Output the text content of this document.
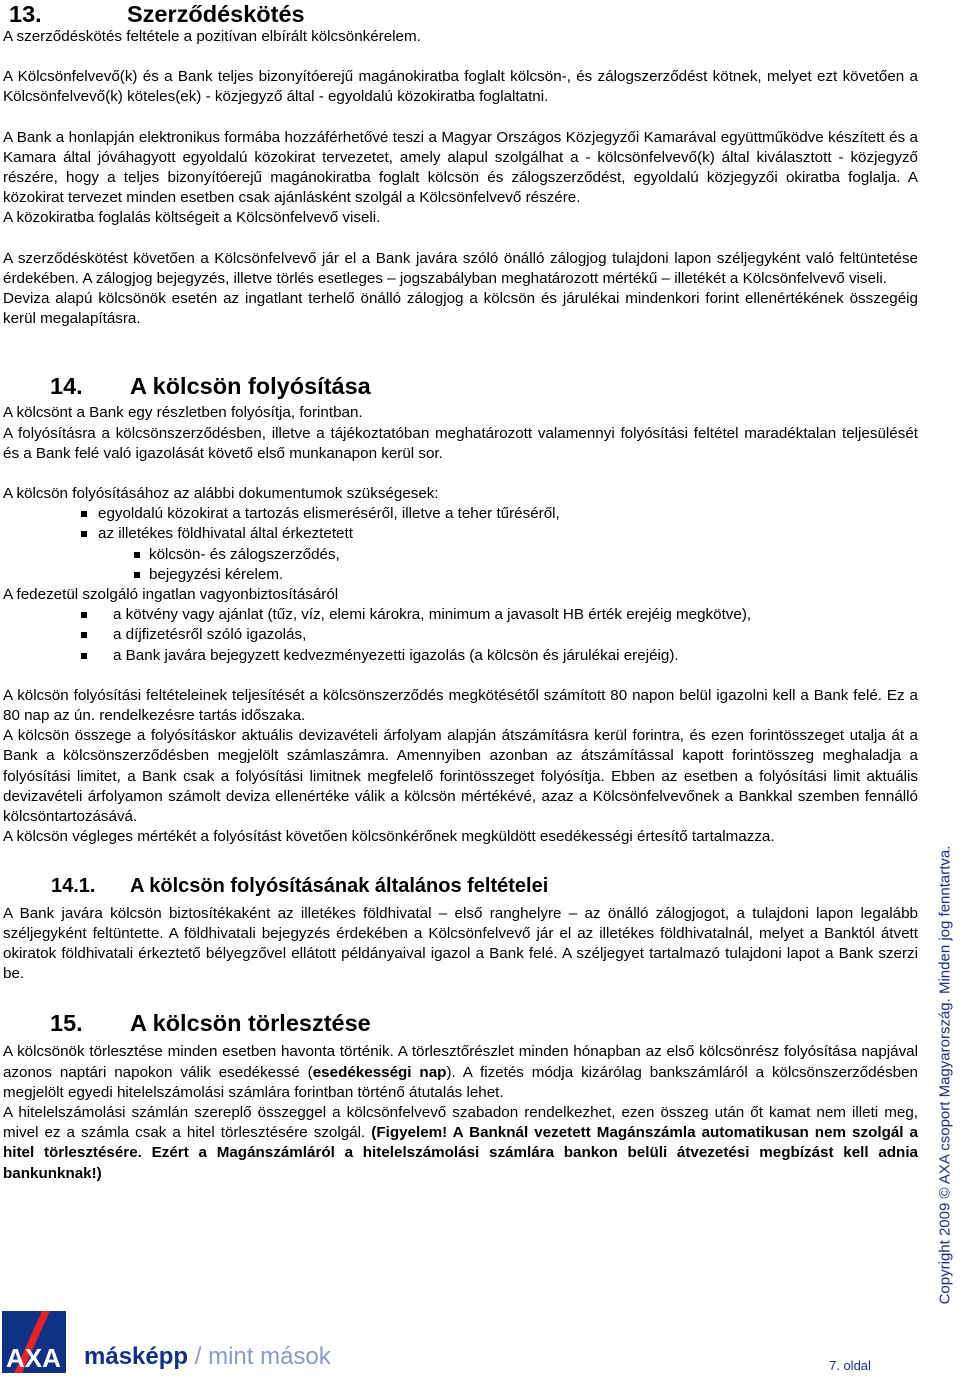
13.	Szerződéskötés

A szerződéskötés feltétele a pozitívan elbírált kölcsönkérelem.

A Kölcsönfelvevő(k) és a Bank teljes bizonyítóerejű magánokiratba foglalt kölcsön-, és zálogszerződést kötnek, melyet ezt követően a Kölcsönfelvevő(k) köteles(ek) - közjegyző által - egyoldalú közokiratba foglaltatni.

A Bank a honlapján elektronikus formába hozzáférhetővé teszi a Magyar Országos Közjegyzői Kamarával együttműködve készített és a Kamara által jóváhagyott egyoldalú közokirat tervezetet, amely alapul szolgálhat a - kölcsönfelvevő(k) által kiválasztott - közjegyző részére, hogy a teljes bizonyítóerejű magánokiratba foglalt kölcsön és zálogszerződést, egyoldalú közjegyzői okiratba foglalja. A közokirat tervezet minden esetben csak ajánlásként szolgál a Kölcsönfelvevő részére.

A közokiratba foglalás költségeit a Kölcsönfelvevő viseli.

A szerződéskötést követően a Kölcsönfelvevő jár el a Bank javára szóló önálló zálogjog tulajdoni lapon széljegyként való feltüntetése érdekében. A zálogjog bejegyzés, illetve törlés esetleges – jogszabályban meghatározott mértékű – illetékét a Kölcsönfelvevő viseli.

Deviza alapú kölcsönök esetén az ingatlant terhelő önálló zálogjog a kölcsön és járulékai mindenkori forint ellenértékének összegéig kerül megalapításra.

14.	A kölcsön folyósítása

A kölcsönt a Bank egy részletben folyósítja, forintban.

A folyósításra a kölcsönszerződésben, illetve a tájékoztatóban meghatározott valamennyi folyósítási feltétel maradéktalan teljesülését és a Bank felé való igazolását követő első munkanapon kerül sor.

A kölcsön folyósításához az alábbi dokumentumok szükségesek:

egyoldalú közokirat a tartozás elismeréséről, illetve a teher tűréséről,
az illetékes földhivatal által érkeztetett
kölcsön- és zálogszerződés,
bejegyzési kérelem.

A fedezetül szolgáló ingatlan vagyonbiztosításáról

a kötvény vagy ajánlat (tűz, víz, elemi károkra, minimum a javasolt HB érték erejéig megkötve),
a díjfizetésről szóló igazolás,
a Bank javára bejegyzett kedvezményezetti igazolás (a kölcsön és járulékai erejéig).

A kölcsön folyósítási feltételeinek teljesítését a kölcsönszerződés megkötésétől számított 80 napon belül igazolni kell a Bank felé. Ez a 80 nap az ún. rendelkezésre tartás időszaka.

A kölcsön összege a folyósításkor aktuális devizavételi árfolyam alapján átszámításra kerül forintra, és ezen forintösszeget utalja át a Bank a kölcsönszerződésben megjelölt számlaszámra. Amennyiben azonban az átszámítással kapott forintösszeg meghaladja a folyósítási limitet, a Bank csak a folyósítási limitnek megfelelő forintösszeget folyósítja. Ebben az esetben a folyósítási limit aktuális devizavételi árfolyamon számolt deviza ellenértéke válik a kölcsön mértékévé, azaz a Kölcsönfelvevőnek a Bankkal szemben fennálló kölcsöntartozásává.

A kölcsön végleges mértékét a folyósítást követően kölcsönkérőnek megküldött esedékességi értesítő tartalmazza.

14.1.	A kölcsön folyósításának általános feltételei

A Bank javára kölcsön biztosítékaként az illetékes földhivatal – első ranghelyre – az önálló zálogjogot, a tulajdoni lapon legalább széljegyként feltüntette. A földhivatali bejegyzés érdekében a Kölcsönfelvevő jár el az illetékes földhivatalnál, melyet a Banktól átvett okiratok földhivatali érkeztető bélyegzővel ellátott példányaival igazol a Bank felé. A széljegyet tartalmazó tulajdoni lapot a Bank szerzi be.

15.	A kölcsön törlesztése

A kölcsönök törlesztése minden esetben havonta történik. A törlesztőrészlet minden hónapban az első kölcsönrész folyósítása napjával azonos naptári napokon válik esedékessé (esedékességi nap). A fizetés módja kizárólag bankszámláról a kölcsönszerződésben megjelölt egyedi hitelelszámolási számlára forintban történő átutalás lehet.

A hitelelszámolási számlán szereplő összeggel a kölcsönfelvevő szabadon rendelkezhet, ezen összeg után őt kamat nem illeti meg, mivel ez a számla csak a hitel törlesztésére szolgál. (Figyelem! A Banknál vezetett Magánszámla automatikusan nem szolgál a hitel törlesztésére. Ezért a Magánszámláról a hitelelszámolási számlára bankon belüli átvezetési megbízást kell adnia bankunknak!)	Copyright 2009 © AXA csoport Magyarország. Minden jog fenntartva.
AXA másképp / mint mások	7. oldal
